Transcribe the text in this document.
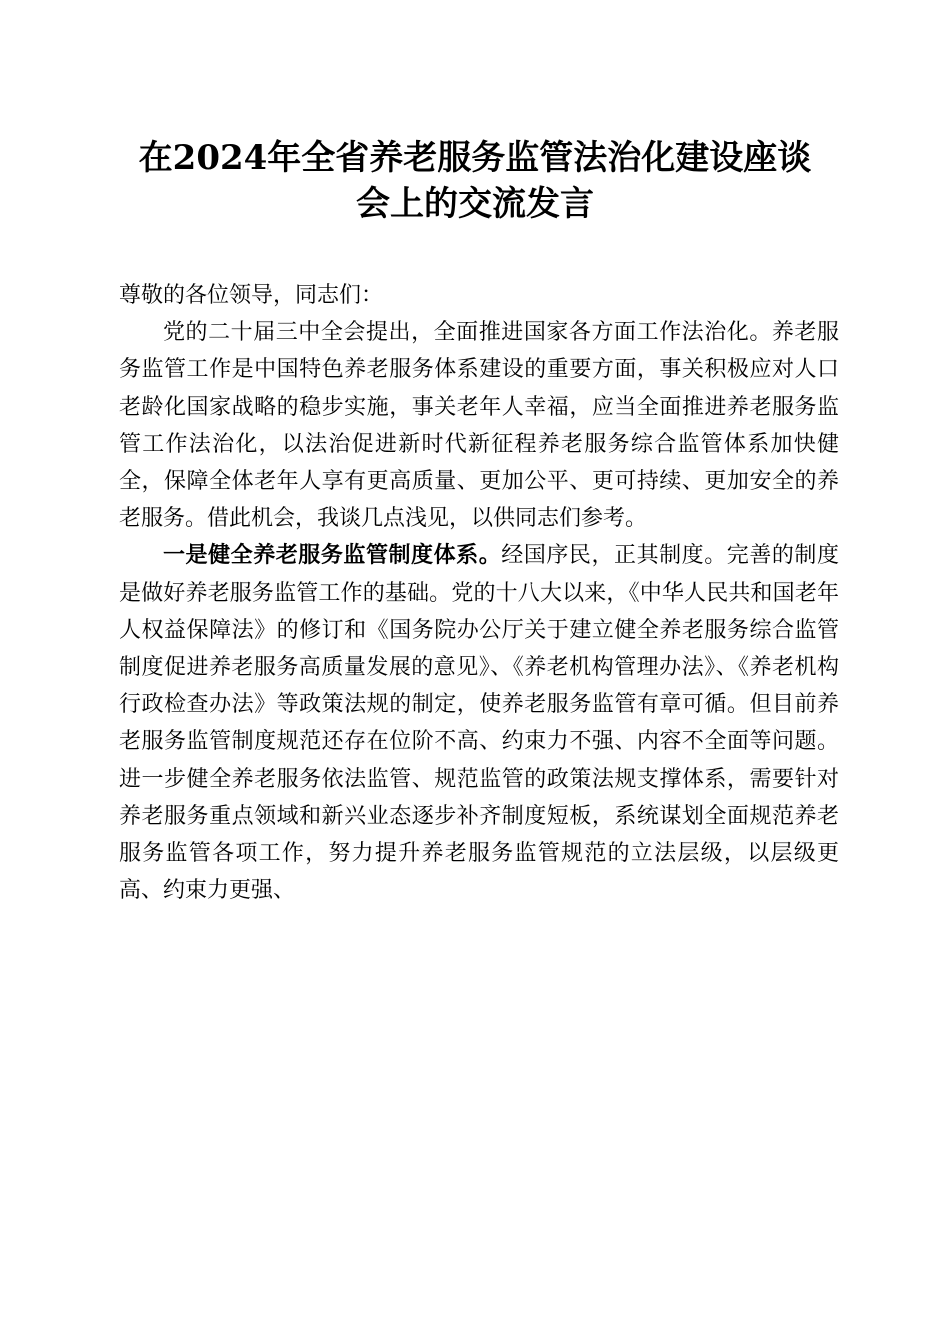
在2024年全省养老服务监管法治化建设座谈
会上的交流发言

尊敬的各位领导，同志们：

党的二十届三中全会提出，全面推进国家各方面工作法治化。养老服务监管工作是中国特色养老服务体系建设的重要方面，事关积极应对人口老龄化国家战略的稳步实施，事关老年人幸福，应当全面推进养老服务监管工作法治化，以法治促进新时代新征程养老服务综合监管体系加快健全，保障全体老年人享有更高质量、更加公平、更可持续、更加安全的养老服务。借此机会，我谈几点浅见，以供同志们参考。

一是健全养老服务监管制度体系。经国序民，正其制度。完善的制度是做好养老服务监管工作的基础。党的十八大以来，《中华人民共和国老年人权益保障法》的修订和《国务院办公厅关于建立健全养老服务综合监管制度促进养老服务高质量发展的意见》、《养老机构管理办法》、《养老机构行政检查办法》等政策法规的制定，使养老服务监管有章可循。但目前养老服务监管制度规范还存在位阶不高、约束力不强、内容不全面等问题。进一步健全养老服务依法监管、规范监管的政策法规支撑体系，需要针对养老服务重点领域和新兴业态逐步补齐制度短板，系统谋划全面规范养老服务监管各项工作，努力提升养老服务监管规范的立法层级，以层级更高、约束力更强、
